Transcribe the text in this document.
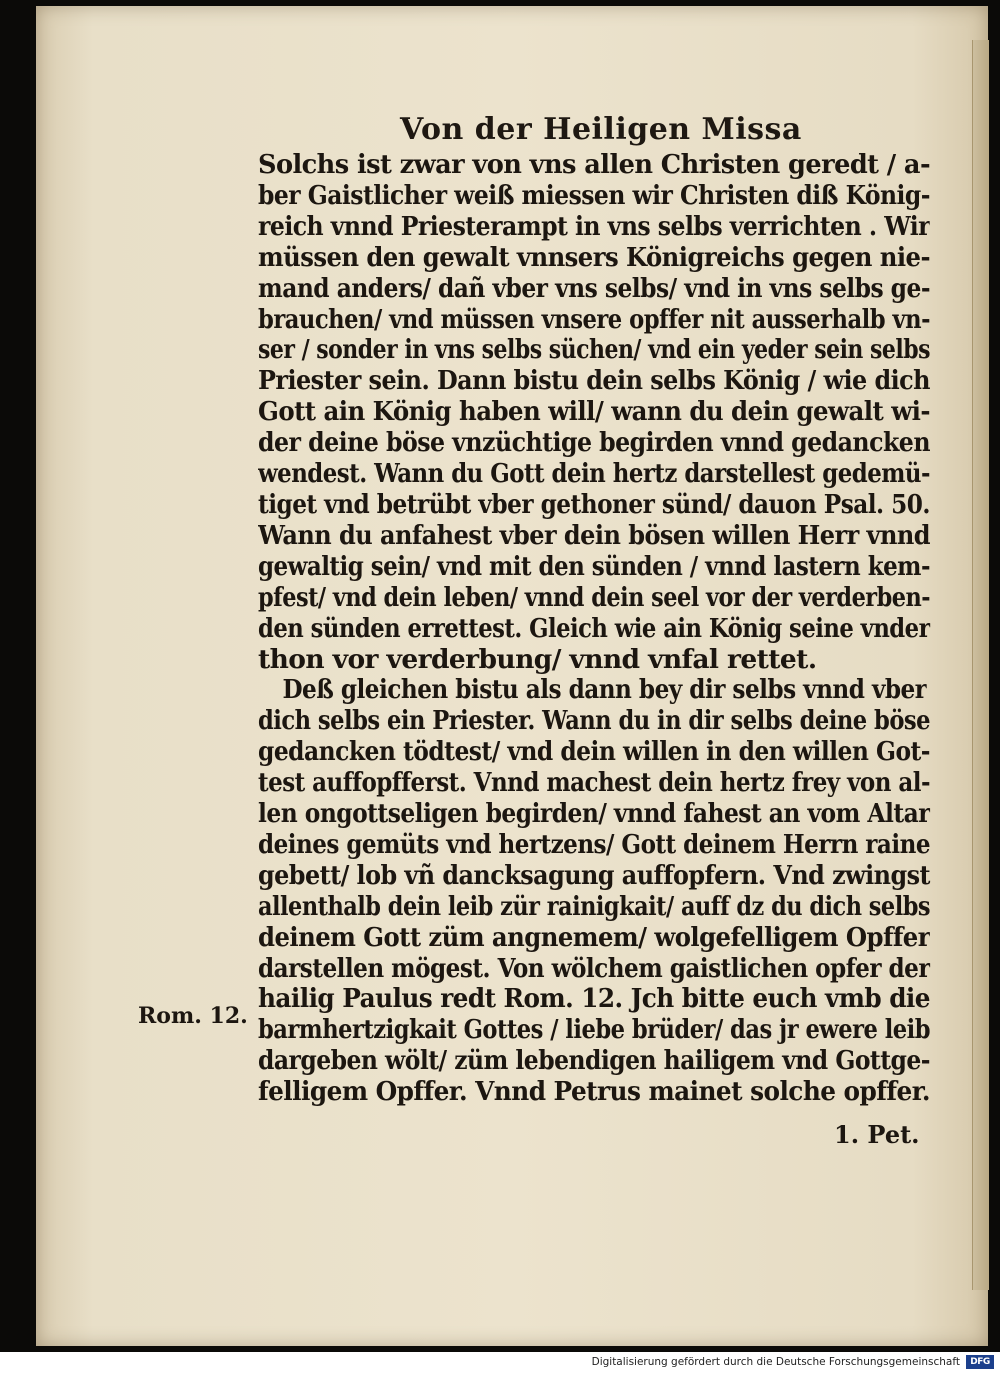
Von der Heiligen Missa
Solchs ist zwar von vns allen Christen geredt / a-
ber Gaistlicher weiß miessen wir Christen diß König-
reich vnnd Priesterampt in vns selbs verrichten . Wir
müssen den gewalt vnnsers Königreichs gegen nie-
mand anders/ dañ vber vns selbs/ vnd in vns selbs ge-
brauchen/ vnd müssen vnsere opffer nit ausserhalb vn-
ser / sonder in vns selbs süchen/ vnd ein yeder sein selbs
Priester sein. Dann bistu dein selbs König / wie dich
Gott ain König haben will/ wann du dein gewalt wi-
der deine böse vnzüchtige begirden vnnd gedancken
wendest. Wann du Gott dein hertz darstellest gedemü-
tiget vnd betrübt vber gethoner sünd/ dauon Psal. 50.
Wann du anfahest vber dein bösen willen Herr vnnd
gewaltig sein/ vnd mit den sünden / vnnd lastern kem-
pfest/ vnd dein leben/ vnnd dein seel vor der verderben-
den sünden errettest. Gleich wie ain König seine vnder
thon vor verderbung/ vnnd vnfal rettet.
Deß gleichen bistu als dann bey dir selbs vnnd vber
dich selbs ein Priester. Wann du in dir selbs deine böse
gedancken tödtest/ vnd dein willen in den willen Got-
test auffopfferst. Vnnd machest dein hertz frey von al-
len ongottseligen begirden/ vnnd fahest an vom Altar
deines gemüts vnd hertzens/ Gott deinem Herrn raine
gebett/ lob vñ dancksagung auffopfern. Vnd zwingst
allenthalb dein leib zür rainigkait/ auff dz du dich selbs
deinem Gott züm angnemem/ wolgefelligem Opffer
darstellen mögest. Von wölchem gaistlichen opfer der
hailig Paulus redt Rom. 12. Jch bitte euch vmb die
barmhertzigkait Gottes / liebe brüder/ das jr ewere leib
dargeben wölt/ züm lebendigen hailigem vnd Gottge-
felligem Opffer. Vnnd Petrus mainet solche opffer.
Rom. 12.
1. Pet.
Digitalisierung gefördert durch die Deutsche Forschungsgemeinschaft	DFG
